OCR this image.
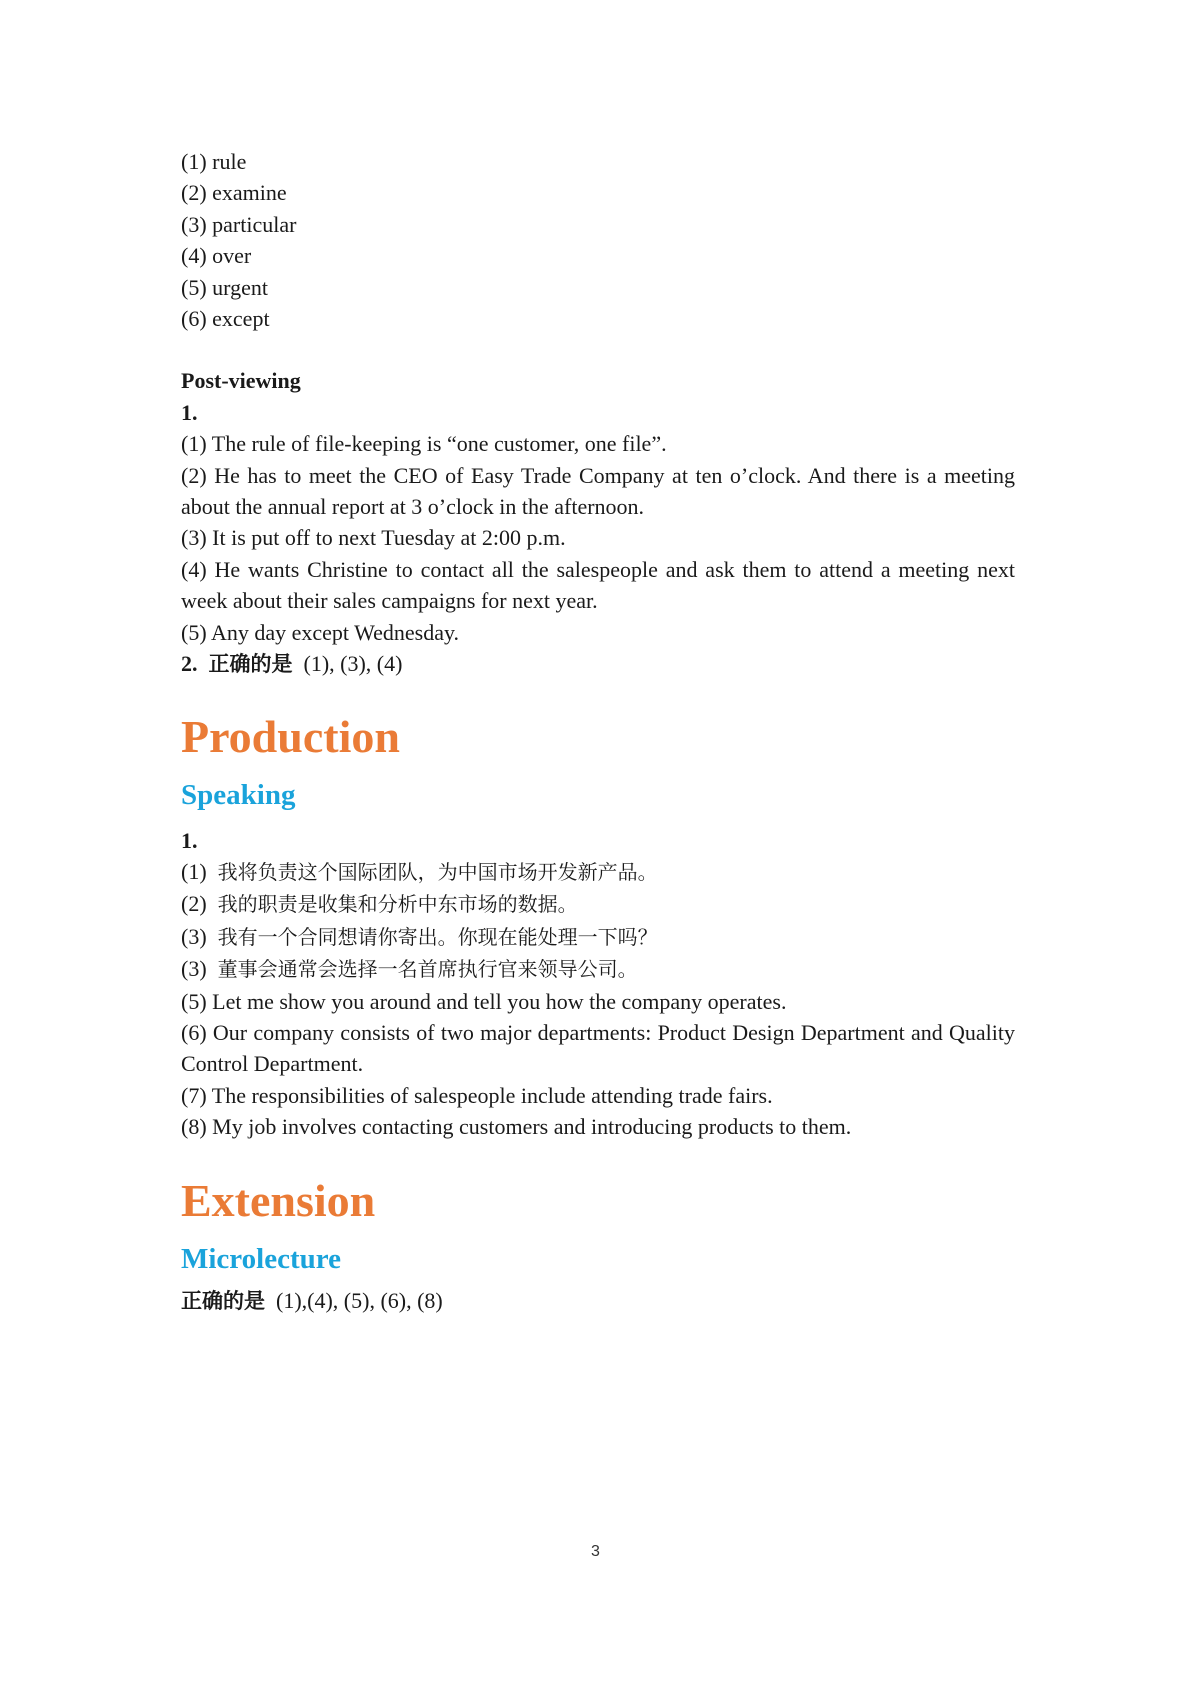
(1) rule

(2) examine

(3) particular

(4) over

(5) urgent

(6) except

Post-viewing

1.

(1) The rule of file-keeping is “one customer, one file”.

(2) He has to meet the CEO of Easy Trade Company at ten o’clock. And there is a meeting about the annual report at 3 o’clock in the afternoon.

(3) It is put off to next Tuesday at 2:00 p.m.

(4) He wants Christine to contact all the salespeople and ask them to attend a meeting next week about their sales campaigns for next year.

(5) Any day except Wednesday.

2. 正确的是 (1), (3), (4)

Production
Speaking

1.

(1) 我将负责这个国际团队，为中国市场开发新产品。

(2) 我的职责是收集和分析中东市场的数据。

(3) 我有一个合同想请你寄出。你现在能处理一下吗？

(3) 董事会通常会选择一名首席执行官来领导公司。

(5) Let me show you around and tell you how the company operates.

(6) Our company consists of two major departments: Product Design Department and Quality Control Department.

(7) The responsibilities of salespeople include attending trade fairs.

(8) My job involves contacting customers and introducing products to them.

Extension
Microlecture

正确的是 (1),(4), (5), (6), (8)

3
